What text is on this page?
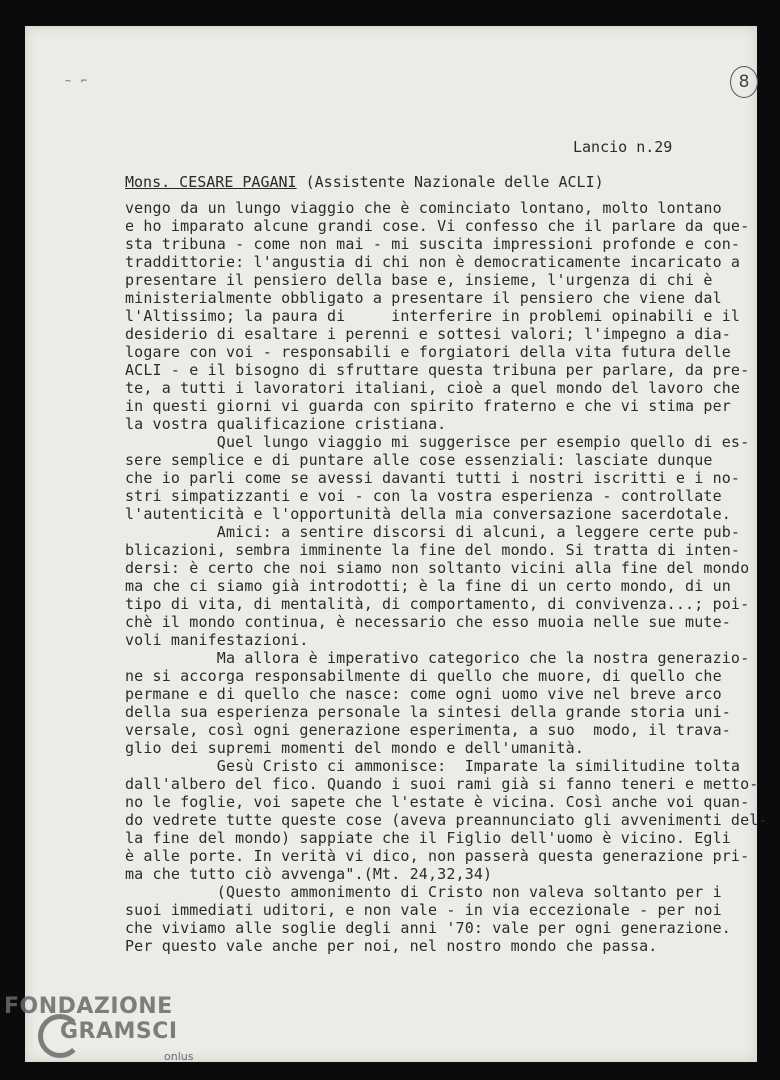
~ ⌐	8
Lancio n.29
Mons. CESARE PAGANI (Assistente Nazionale delle ACLI)
vengo da un lungo viaggio che è cominciato lontano, molto lontano
e ho imparato alcune grandi cose. Vi confesso che il parlare da que-
sta tribuna - come non mai - mi suscita impressioni profonde e con-
traddittorie: l'angustia di chi non è democraticamente incaricato a
presentare il pensiero della base e, insieme, l'urgenza di chi è
ministerialmente obbligato a presentare il pensiero che viene dal
l'Altissimo; la paura di     interferire in problemi opinabili e il
desiderio di esaltare i perenni e sottesi valori; l'impegno a dia-
logare con voi - responsabili e forgiatori della vita futura delle
ACLI - e il bisogno di sfruttare questa tribuna per parlare, da pre-
te, a tutti i lavoratori italiani, cioè a quel mondo del lavoro che
in questi giorni vi guarda con spirito fraterno e che vi stima per
la vostra qualificazione cristiana.
Quel lungo viaggio mi suggerisce per esempio quello di es-
sere semplice e di puntare alle cose essenziali: lasciate dunque
che io parli come se avessi davanti tutti i nostri iscritti e i no-
stri simpatizzanti e voi - con la vostra esperienza - controllate
l'autenticità e l'opportunità della mia conversazione sacerdotale.
Amici: a sentire discorsi di alcuni, a leggere certe pub-
blicazioni, sembra imminente la fine del mondo. Si tratta di inten-
dersi: è certo che noi siamo non soltanto vicini alla fine del mondo
ma che ci siamo già introdotti; è la fine di un certo mondo, di un
tipo di vita, di mentalità, di comportamento, di convivenza...; poi-
chè il mondo continua, è necessario che esso muoia nelle sue mute-
voli manifestazioni.
Ma allora è imperativo categorico che la nostra generazio-
ne si accorga responsabilmente di quello che muore, di quello che
permane e di quello che nasce: come ogni uomo vive nel breve arco
della sua esperienza personale la sintesi della grande storia uni-
versale, così ogni generazione esperimenta, a suo  modo, il trava-
glio dei supremi momenti del mondo e dell'umanità.
Gesù Cristo ci ammonisce:  Imparate la similitudine tolta
dall'albero del fico. Quando i suoi rami già si fanno teneri e metto-
no le foglie, voi sapete che l'estate è vicina. Così anche voi quan-
do vedrete tutte queste cose (aveva preannunciato gli avvenimenti del-
la fine del mondo) sappiate che il Figlio dell'uomo è vicino. Egli
è alle porte. In verità vi dico, non passerà questa generazione pri-
ma che tutto ciò avvenga".(Mt. 24,32,34)
(Questo ammonimento di Cristo non valeva soltanto per i
suoi immediati uditori, e non vale - in via eccezionale - per noi
che viviamo alle soglie degli anni '70: vale per ogni generazione.
Per questo vale anche per noi, nel nostro mondo che passa.
FONDAZIONE
GRAMSCI
onlus
